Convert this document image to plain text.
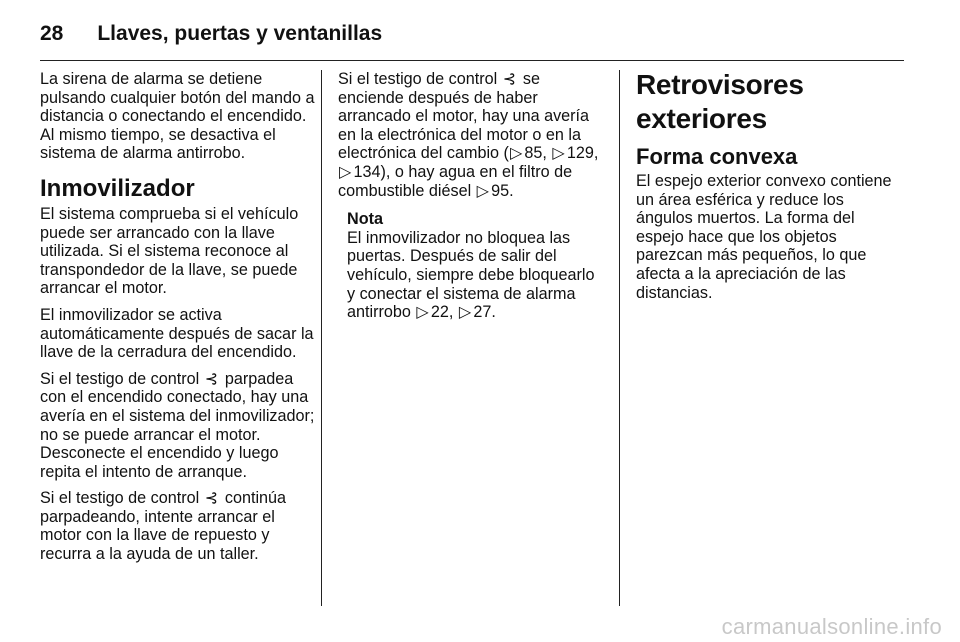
28 Llaves, puertas y ventanillas

La sirena de alarma se detiene pulsando cualquier botón del mando a distancia o conectando el encendido. Al mismo tiempo, se desactiva el sistema de alarma antirrobo.

Inmovilizador

El sistema comprueba si el vehículo puede ser arrancado con la llave utilizada. Si el sistema reconoce al transpondedor de la llave, se puede arrancar el motor.

El inmovilizador se activa automáticamente después de sacar la llave de la cerradura del encendido.

Si el testigo de control ⊰ parpadea con el encendido conectado, hay una avería en el sistema del inmovilizador; no se puede arrancar el motor. Desconecte el encendido y luego repita el intento de arranque.

Si el testigo de control ⊰ continúa parpadeando, intente arrancar el motor con la llave de repuesto y recurra a la ayuda de un taller.

Si el testigo de control ⊰ se enciende después de haber arrancado el motor, hay una avería en la electrónica del motor o en la electrónica del cambio (▷ 85, ▷ 129, ▷ 134), o hay agua en el filtro de combustible diésel ▷ 95.

Nota
El inmovilizador no bloquea las puertas. Después de salir del vehículo, siempre debe bloquearlo y conectar el sistema de alarma antirrobo ▷ 22, ▷ 27.
Retrovisores exteriores
Forma convexa

El espejo exterior convexo contiene un área esférica y reduce los ángulos muertos. La forma del espejo hace que los objetos parezcan más pequeños, lo que afecta a la apreciación de las distancias.

carmanualsonline.info
